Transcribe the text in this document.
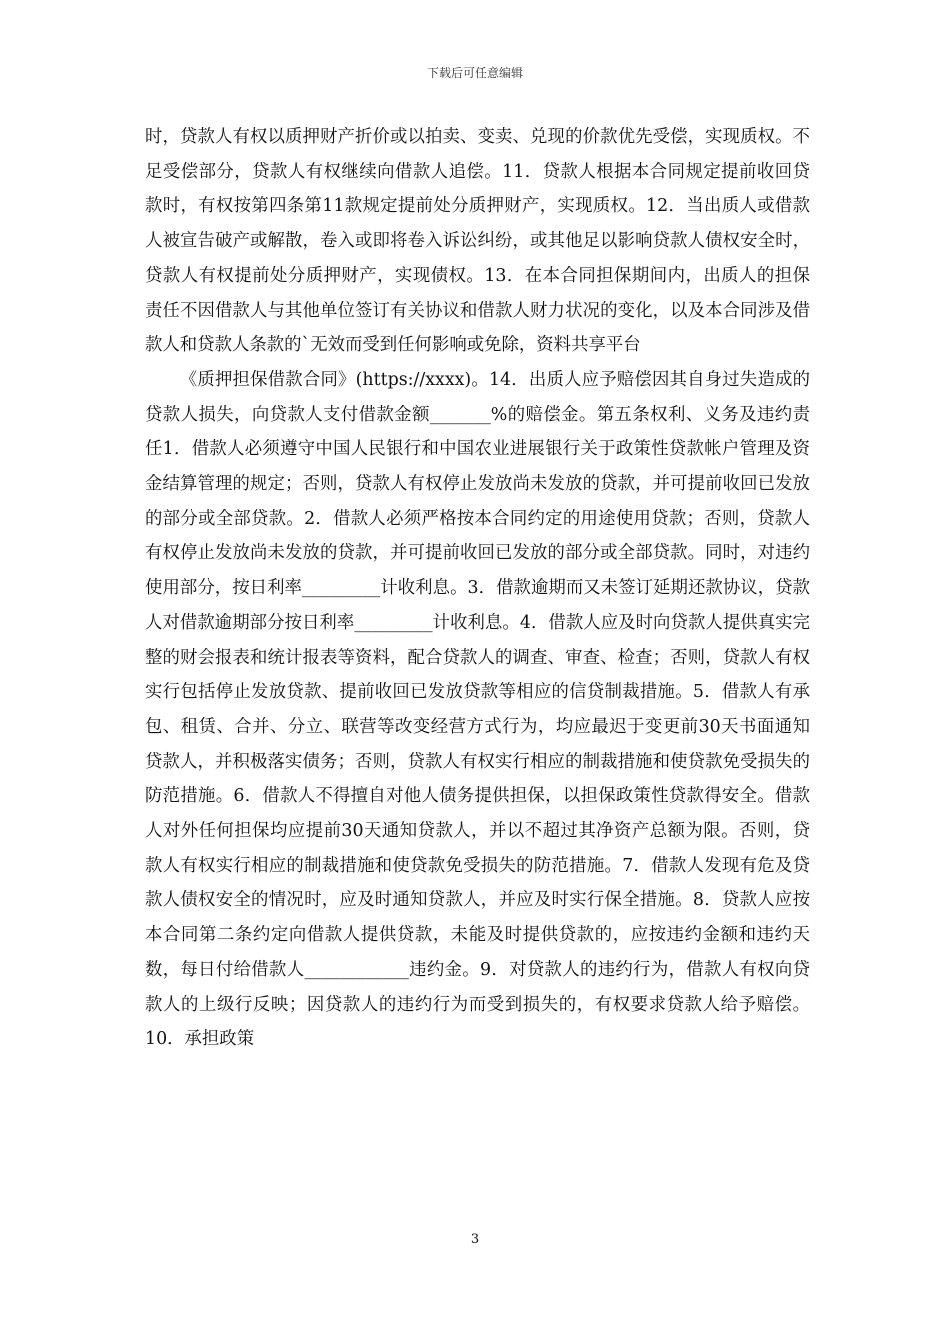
下载后可任意编辑

时，贷款人有权以质押财产折价或以拍卖、变卖、兑现的价款优先受偿，实现质权。不足受偿部分，贷款人有权继续向借款人追偿。11．贷款人根据本合同规定提前收回贷款时，有权按第四条第11款规定提前处分质押财产，实现质权。12．当出质人或借款人被宣告破产或解散，卷入或即将卷入诉讼纠纷，或其他足以影响贷款人债权安全时，贷款人有权提前处分质押财产，实现债权。13．在本合同担保期间内，出质人的担保责任不因借款人与其他单位签订有关协议和借款人财力状况的变化，以及本合同涉及借款人和贷款人条款的`无效而受到任何影响或免除，资料共享平台

《质押担保借款合同》(https://xxxx)。14．出质人应予赔偿因其自身过失造成的贷款人损失，向贷款人支付借款金额_______%的赔偿金。第五条权利、义务及违约责任1．借款人必须遵守中国人民银行和中国农业进展银行关于政策性贷款帐户管理及资金结算管理的规定；否则，贷款人有权停止发放尚未发放的贷款，并可提前收回已发放的部分或全部贷款。2．借款人必须严格按本合同约定的用途使用贷款；否则，贷款人有权停止发放尚未发放的贷款，并可提前收回已发放的部分或全部贷款。同时，对违约使用部分，按日利率_________计收利息。3．借款逾期而又未签订延期还款协议，贷款人对借款逾期部分按日利率_________计收利息。4．借款人应及时向贷款人提供真实完整的财会报表和统计报表等资料，配合贷款人的调查、审查、检查；否则，贷款人有权实行包括停止发放贷款、提前收回已发放贷款等相应的信贷制裁措施。5．借款人有承包、租赁、合并、分立、联营等改变经营方式行为，均应最迟于变更前30天书面通知贷款人，并积极落实债务；否则，贷款人有权实行相应的制裁措施和使贷款免受损失的防范措施。6．借款人不得擅自对他人债务提供担保，以担保政策性贷款得安全。借款人对外任何担保均应提前30天通知贷款人，并以不超过其净资产总额为限。否则，贷款人有权实行相应的制裁措施和使贷款免受损失的防范措施。7．借款人发现有危及贷款人债权安全的情况时，应及时通知贷款人，并应及时实行保全措施。8．贷款人应按本合同第二条约定向借款人提供贷款，未能及时提供贷款的，应按违约金额和违约天数，每日付给借款人____________违约金。9．对贷款人的违约行为，借款人有权向贷款人的上级行反映；因贷款人的违约行为而受到损失的，有权要求贷款人给予赔偿。10．承担政策

3
